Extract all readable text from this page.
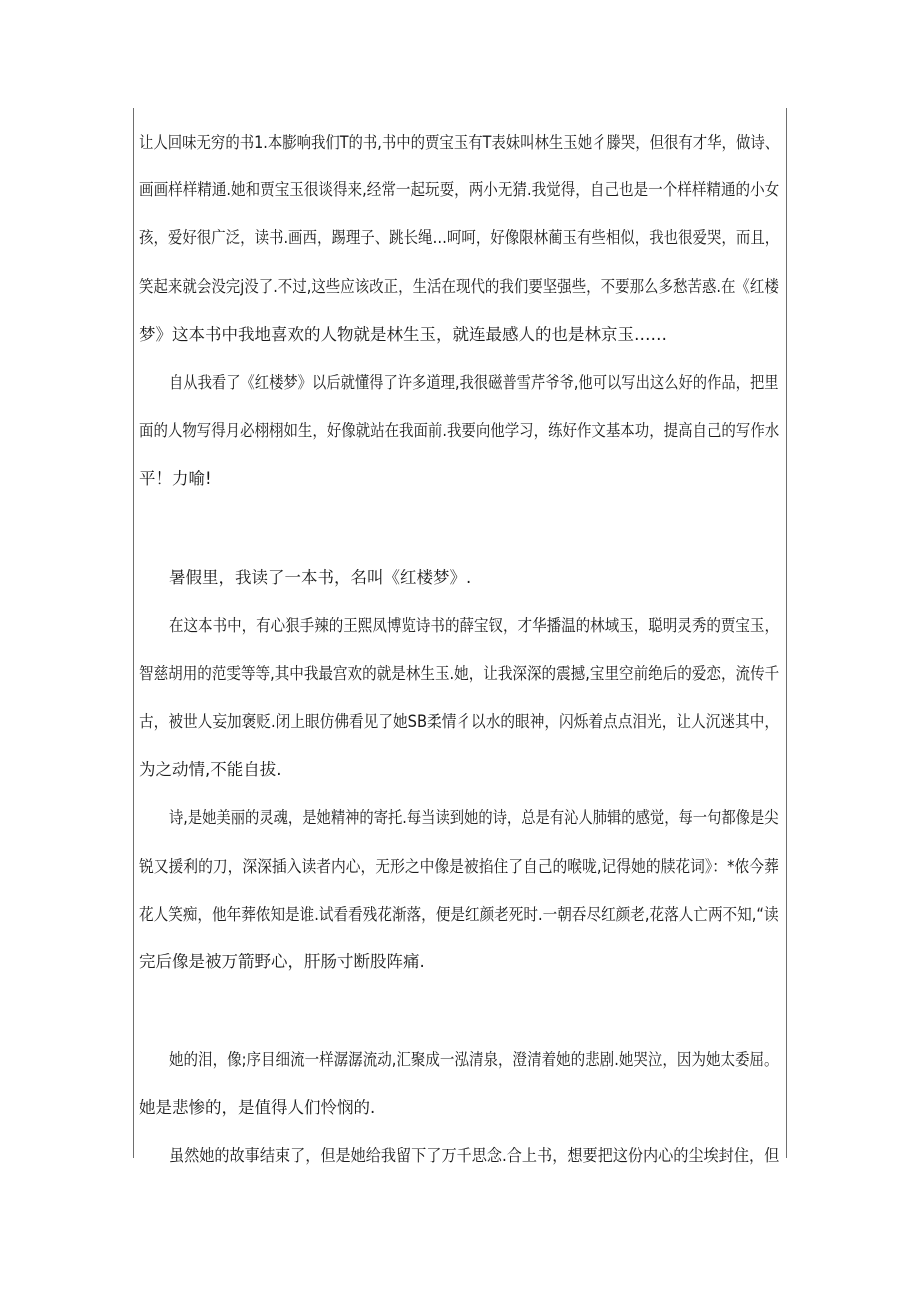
让人回味无穷的书1.本膨响我们T的书,书中的贾宝玉有T表妹叫林生玉她彳滕哭，但很有才华，做诗、
画画样样精通.她和贾宝玉很谈得来,经常一起玩耍，两小无猜.我觉得，自己也是一个样样精通的小女
孩，爱好很广泛，读书.画西，踢理子、跳长绳…呵呵，好像限林蔺玉有些相似，我也很爱哭，而且，
笑起来就会没完j没了.不过,这些应该改正，生活在现代的我们要坚强些，不要那么多愁苦惑.在《红楼
梦》这本书中我地喜欢的人物就是林生玉，就连最感人的也是林京玉……
自从我看了《红楼梦》以后就懂得了许多道理,我很磁普雪芹爷爷,他可以写出这么好的作品，把里
面的人物写得月必栩栩如生，好像就站在我面前.我要向他学习，练好作文基本功，提高自己的写作水
平！力喻!
暑假里，我读了一本书，名叫《红楼梦》.
在这本书中，有心狠手辣的王熙凤博览诗书的薛宝钗，才华播温的林域玉，聪明灵秀的贾宝玉，
智慈胡用的范雯等等,其中我最宫欢的就是林生玉.她，让我深深的震撼,宝里空前绝后的爱恋，流传千
古，被世人妄加褒贬.闭上眼仿佛看见了她SB柔情彳以水的眼神，闪烁着点点泪光，让人沉迷其中，
为之动情,不能自拔.
诗,是她美丽的灵魂，是她精神的寄托.每当读到她的诗，总是有沁人肺辑的感觉，每一句都像是尖
锐又援利的刀，深深插入读者内心，无形之中像是被掐住了自己的喉咙,记得她的牍花词》：*侬今葬
花人笑痴，他年葬侬知是谁.试看看残花渐落，便是红颜老死时.一朝吞尽红颜老,花落人亡两不知,“读
完后像是被万箭野心，肝肠寸断股阵痛.
她的泪，像;序目细流一样潺潺流动,汇聚成一泓清泉，澄清着她的悲剧.她哭泣，因为她太委屈。
她是悲惨的，是值得人们怜悯的.
虽然她的故事结束了，但是她给我留下了万千思念.合上书，想要把这份内心的尘埃封住，但
